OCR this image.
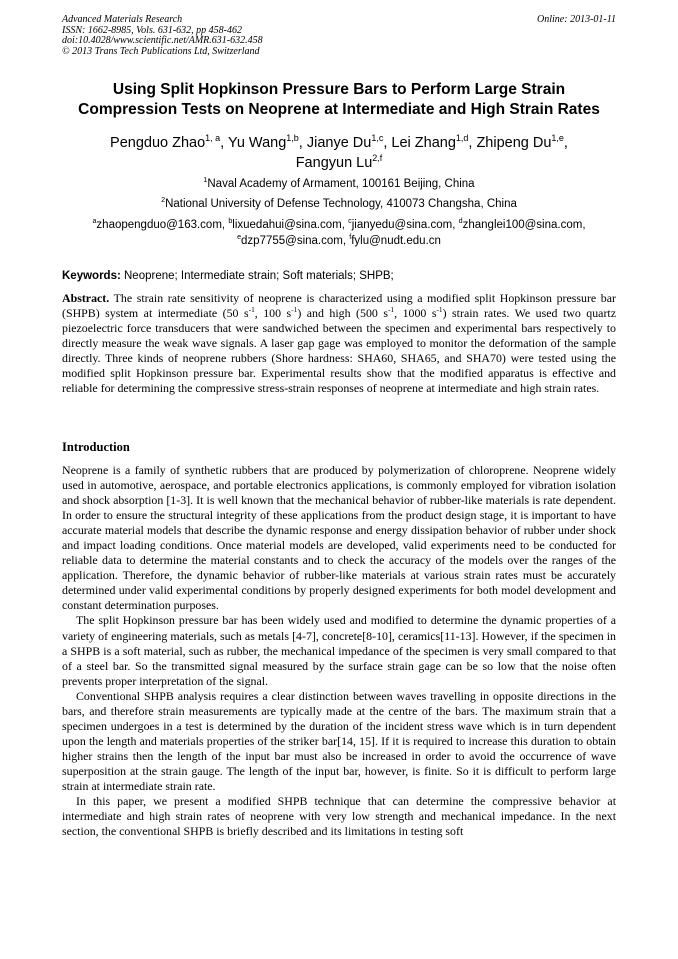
Advanced Materials Research
ISSN: 1662-8985, Vols. 631-632, pp 458-462
doi:10.4028/www.scientific.net/AMR.631-632.458
© 2013 Trans Tech Publications Ltd, Switzerland
Online: 2013-01-11
Using Split Hopkinson Pressure Bars to Perform Large Strain
Compression Tests on Neoprene at Intermediate and High Strain Rates
Pengduo Zhao$^{1, a}$, Yu Wang$^{1,b}$, Jianye Du$^{1,c}$, Lei Zhang$^{1,d}$, Zhipeng Du$^{1,e}$,
Fangyun Lu$^{2,f}$
$^1$Naval Academy of Armament, 100161 Beijing, China
$^2$National University of Defense Technology, 410073 Changsha, China
$^a$zhaopengduo@163.com, $^b$lixuedahui@sina.com, $^c$jianyedu@sina.com, $^d$zhanglei100@sina.com,
$^e$dzp7755@sina.com, $^f$fylu@nudt.edu.cn
Keywords: Neoprene; Intermediate strain; Soft materials; SHPB;

Abstract. The strain rate sensitivity of neoprene is characterized using a modified split Hopkinson pressure bar (SHPB) system at intermediate (50 $s^{-1}$, 100 $s^{-1}$) and high (500 $s^{-1}$, 1000 $s^{-1}$) strain rates. We used two quartz piezoelectric force transducers that were sandwiched between the specimen and experimental bars respectively to directly measure the weak wave signals. A laser gap gage was employed to monitor the deformation of the sample directly. Three kinds of neoprene rubbers (Shore hardness: SHA60, SHA65, and SHA70) were tested using the modified split Hopkinson pressure bar. Experimental results show that the modified apparatus is effective and reliable for determining the compressive stress-strain responses of neoprene at intermediate and high strain rates.

Introduction

Neoprene is a family of synthetic rubbers that are produced by polymerization of chloroprene. Neoprene widely used in automotive, aerospace, and portable electronics applications, is commonly employed for vibration isolation and shock absorption [1-3]. It is well known that the mechanical behavior of rubber-like materials is rate dependent. In order to ensure the structural integrity of these applications from the product design stage, it is important to have accurate material models that describe the dynamic response and energy dissipation behavior of rubber under shock and impact loading conditions. Once material models are developed, valid experiments need to be conducted for reliable data to determine the material constants and to check the accuracy of the models over the ranges of the application. Therefore, the dynamic behavior of rubber-like materials at various strain rates must be accurately determined under valid experimental conditions by properly designed experiments for both model development and constant determination purposes.

The split Hopkinson pressure bar has been widely used and modified to determine the dynamic properties of a variety of engineering materials, such as metals [4-7], concrete[8-10], ceramics[11-13]. However, if the specimen in a SHPB is a soft material, such as rubber, the mechanical impedance of the specimen is very small compared to that of a steel bar. So the transmitted signal measured by the surface strain gage can be so low that the noise often prevents proper interpretation of the signal.

Conventional SHPB analysis requires a clear distinction between waves travelling in opposite directions in the bars, and therefore strain measurements are typically made at the centre of the bars. The maximum strain that a specimen undergoes in a test is determined by the duration of the incident stress wave which is in turn dependent upon the length and materials properties of the striker bar[14, 15]. If it is required to increase this duration to obtain higher strains then the length of the input bar must also be increased in order to avoid the occurrence of wave superposition at the strain gauge. The length of the input bar, however, is finite. So it is difficult to perform large strain at intermediate strain rate.

In this paper, we present a modified SHPB technique that can determine the compressive behavior at intermediate and high strain rates of neoprene with very low strength and mechanical impedance. In the next section, the conventional SHPB is briefly described and its limitations in testing soft
